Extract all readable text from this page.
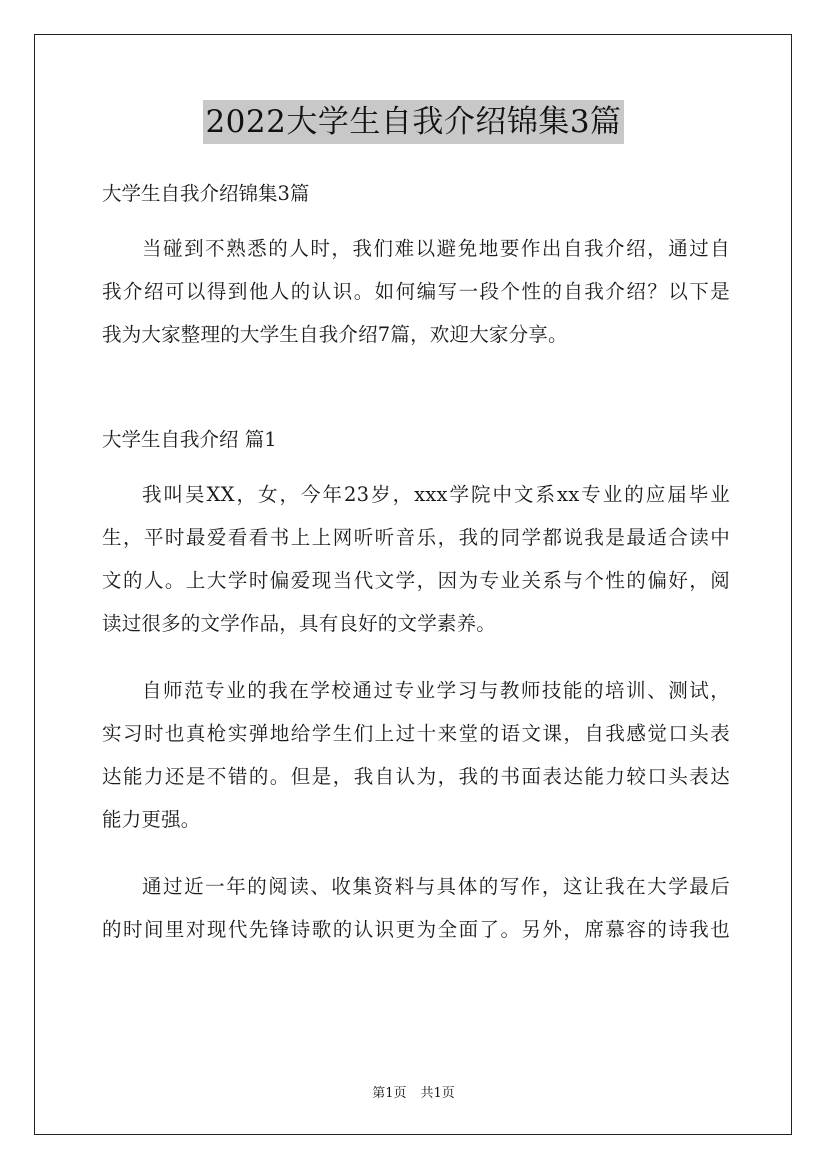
2022大学生自我介绍锦集3篇
大学生自我介绍锦集3篇
当碰到不熟悉的人时，我们难以避免地要作出自我介绍，通过自
我介绍可以得到他人的认识。如何编写一段个性的自我介绍？以下是
我为大家整理的大学生自我介绍7篇，欢迎大家分享。
大学生自我介绍 篇1
我叫吴XX，女，今年23岁，xxx学院中文系xx专业的应届毕业
生，平时最爱看看书上上网听听音乐，我的同学都说我是最适合读中
文的人。上大学时偏爱现当代文学，因为专业关系与个性的偏好，阅
读过很多的文学作品，具有良好的文学素养。
自师范专业的我在学校通过专业学习与教师技能的培训、测试，
实习时也真枪实弹地给学生们上过十来堂的语文课，自我感觉口头表
达能力还是不错的。但是，我自认为，我的书面表达能力较口头表达
能力更强。
通过近一年的阅读、收集资料与具体的写作，这让我在大学最后
的时间里对现代先锋诗歌的认识更为全面了。另外，席慕容的诗我也
第1页 共1页
